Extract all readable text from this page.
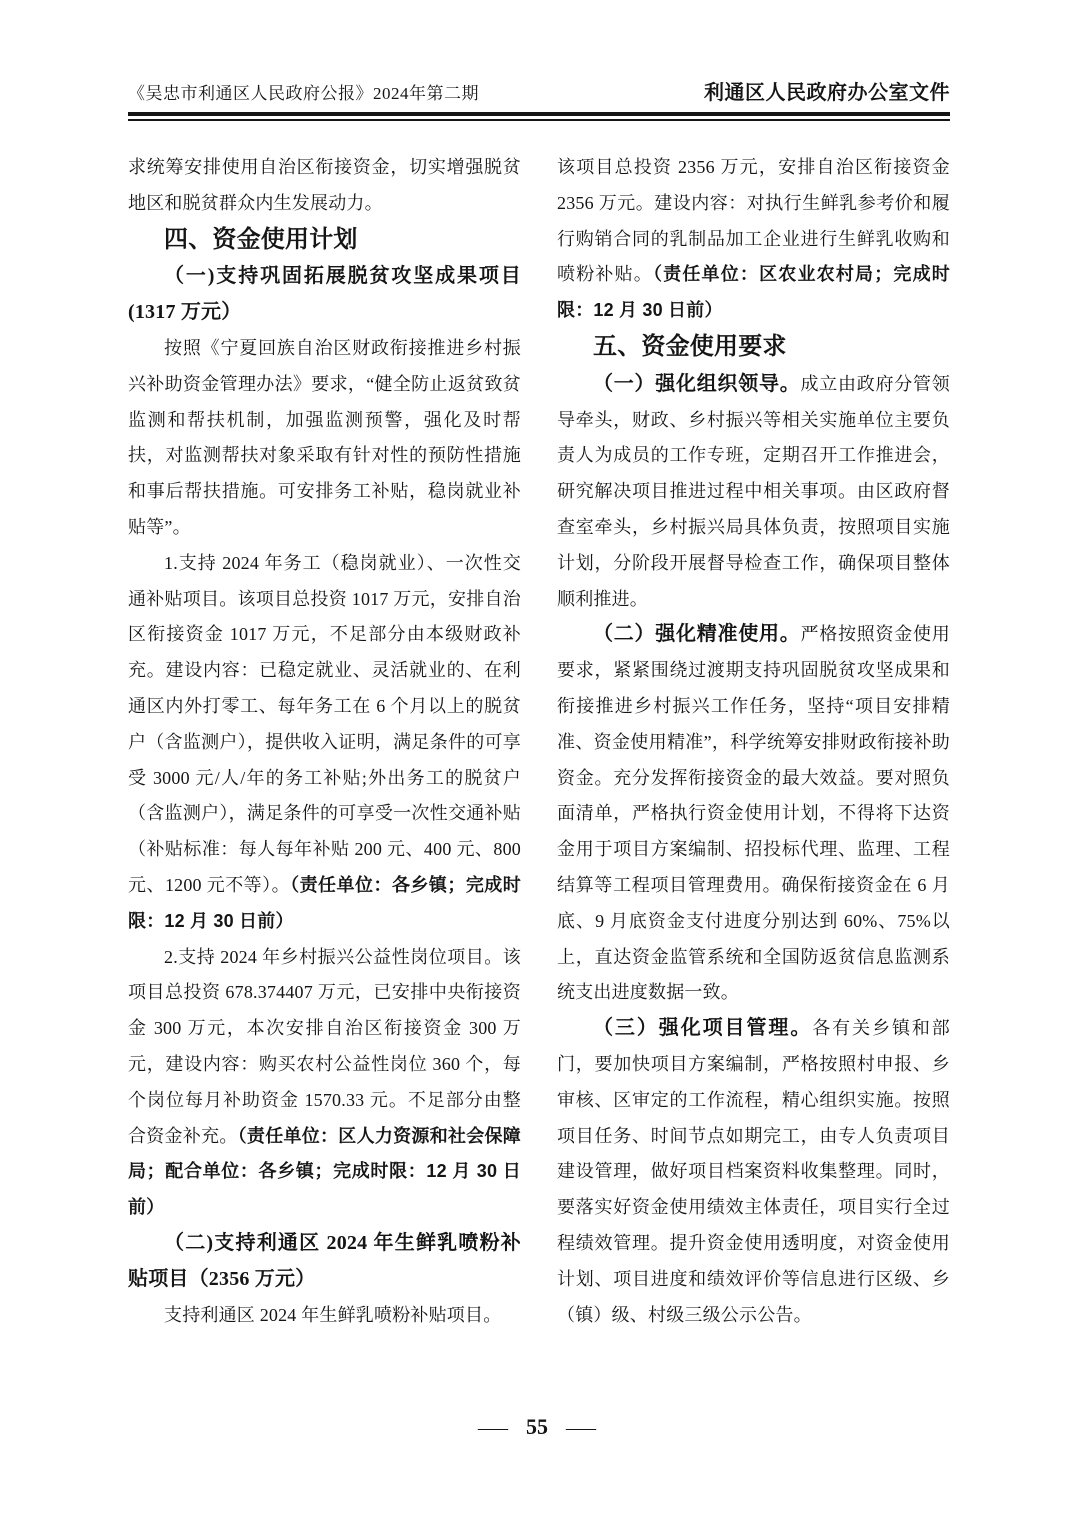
《吴忠市利通区人民政府公报》2024年第二期	利通区人民政府办公室文件
求统筹安排使用自治区衔接资金，切实增强脱贫地区和脱贫群众内生发展动力。
四、资金使用计划
（一)支持巩固拓展脱贫攻坚成果项目(1317 万元）
按照《宁夏回族自治区财政衔接推进乡村振兴补助资金管理办法》要求，“健全防止返贫致贫监测和帮扶机制，加强监测预警，强化及时帮扶，对监测帮扶对象采取有针对性的预防性措施和事后帮扶措施。可安排务工补贴，稳岗就业补贴等”。
1.支持 2024 年务工（稳岗就业）、一次性交通补贴项目。该项目总投资 1017 万元，安排自治区衔接资金 1017 万元，不足部分由本级财政补充。建设内容：已稳定就业、灵活就业的、在利通区内外打零工、每年务工在 6 个月以上的脱贫户（含监测户），提供收入证明，满足条件的可享受 3000 元/人/年的务工补贴;外出务工的脱贫户（含监测户），满足条件的可享受一次性交通补贴（补贴标准：每人每年补贴 200 元、400 元、800 元、1200 元不等）。（责任单位：各乡镇；完成时限：12 月 30 日前）
2.支持 2024 年乡村振兴公益性岗位项目。该项目总投资 678.374407 万元，已安排中央衔接资金 300 万元，本次安排自治区衔接资金 300 万元，建设内容：购买农村公益性岗位 360 个，每个岗位每月补助资金 1570.33 元。不足部分由整合资金补充。（责任单位：区人力资源和社会保障局；配合单位：各乡镇；完成时限：12 月 30 日前）
（二)支持利通区 2024 年生鲜乳喷粉补贴项目（2356 万元）
支持利通区 2024 年生鲜乳喷粉补贴项目。
该项目总投资 2356 万元，安排自治区衔接资金 2356 万元。建设内容：对执行生鲜乳参考价和履行购销合同的乳制品加工企业进行生鲜乳收购和喷粉补贴。（责任单位：区农业农村局；完成时限：12 月 30 日前）
五、资金使用要求
（一）强化组织领导。成立由政府分管领导牵头，财政、乡村振兴等相关实施单位主要负责人为成员的工作专班，定期召开工作推进会，研究解决项目推进过程中相关事项。由区政府督查室牵头，乡村振兴局具体负责，按照项目实施计划，分阶段开展督导检查工作，确保项目整体顺利推进。
（二）强化精准使用。严格按照资金使用要求，紧紧围绕过渡期支持巩固脱贫攻坚成果和衔接推进乡村振兴工作任务，坚持“项目安排精准、资金使用精准”，科学统筹安排财政衔接补助资金。充分发挥衔接资金的最大效益。要对照负面清单，严格执行资金使用计划，不得将下达资金用于项目方案编制、招投标代理、监理、工程结算等工程项目管理费用。确保衔接资金在 6 月底、9 月底资金支付进度分别达到 60%、75%以上，直达资金监管系统和全国防返贫信息监测系统支出进度数据一致。
（三）强化项目管理。各有关乡镇和部门，要加快项目方案编制，严格按照村申报、乡审核、区审定的工作流程，精心组织实施。按照项目任务、时间节点如期完工，由专人负责项目建设管理，做好项目档案资料收集整理。同时，要落实好资金使用绩效主体责任，项目实行全过程绩效管理。提升资金使用透明度，对资金使用计划、项目进度和绩效评价等信息进行区级、乡（镇）级、村级三级公示公告。
— 55 —
